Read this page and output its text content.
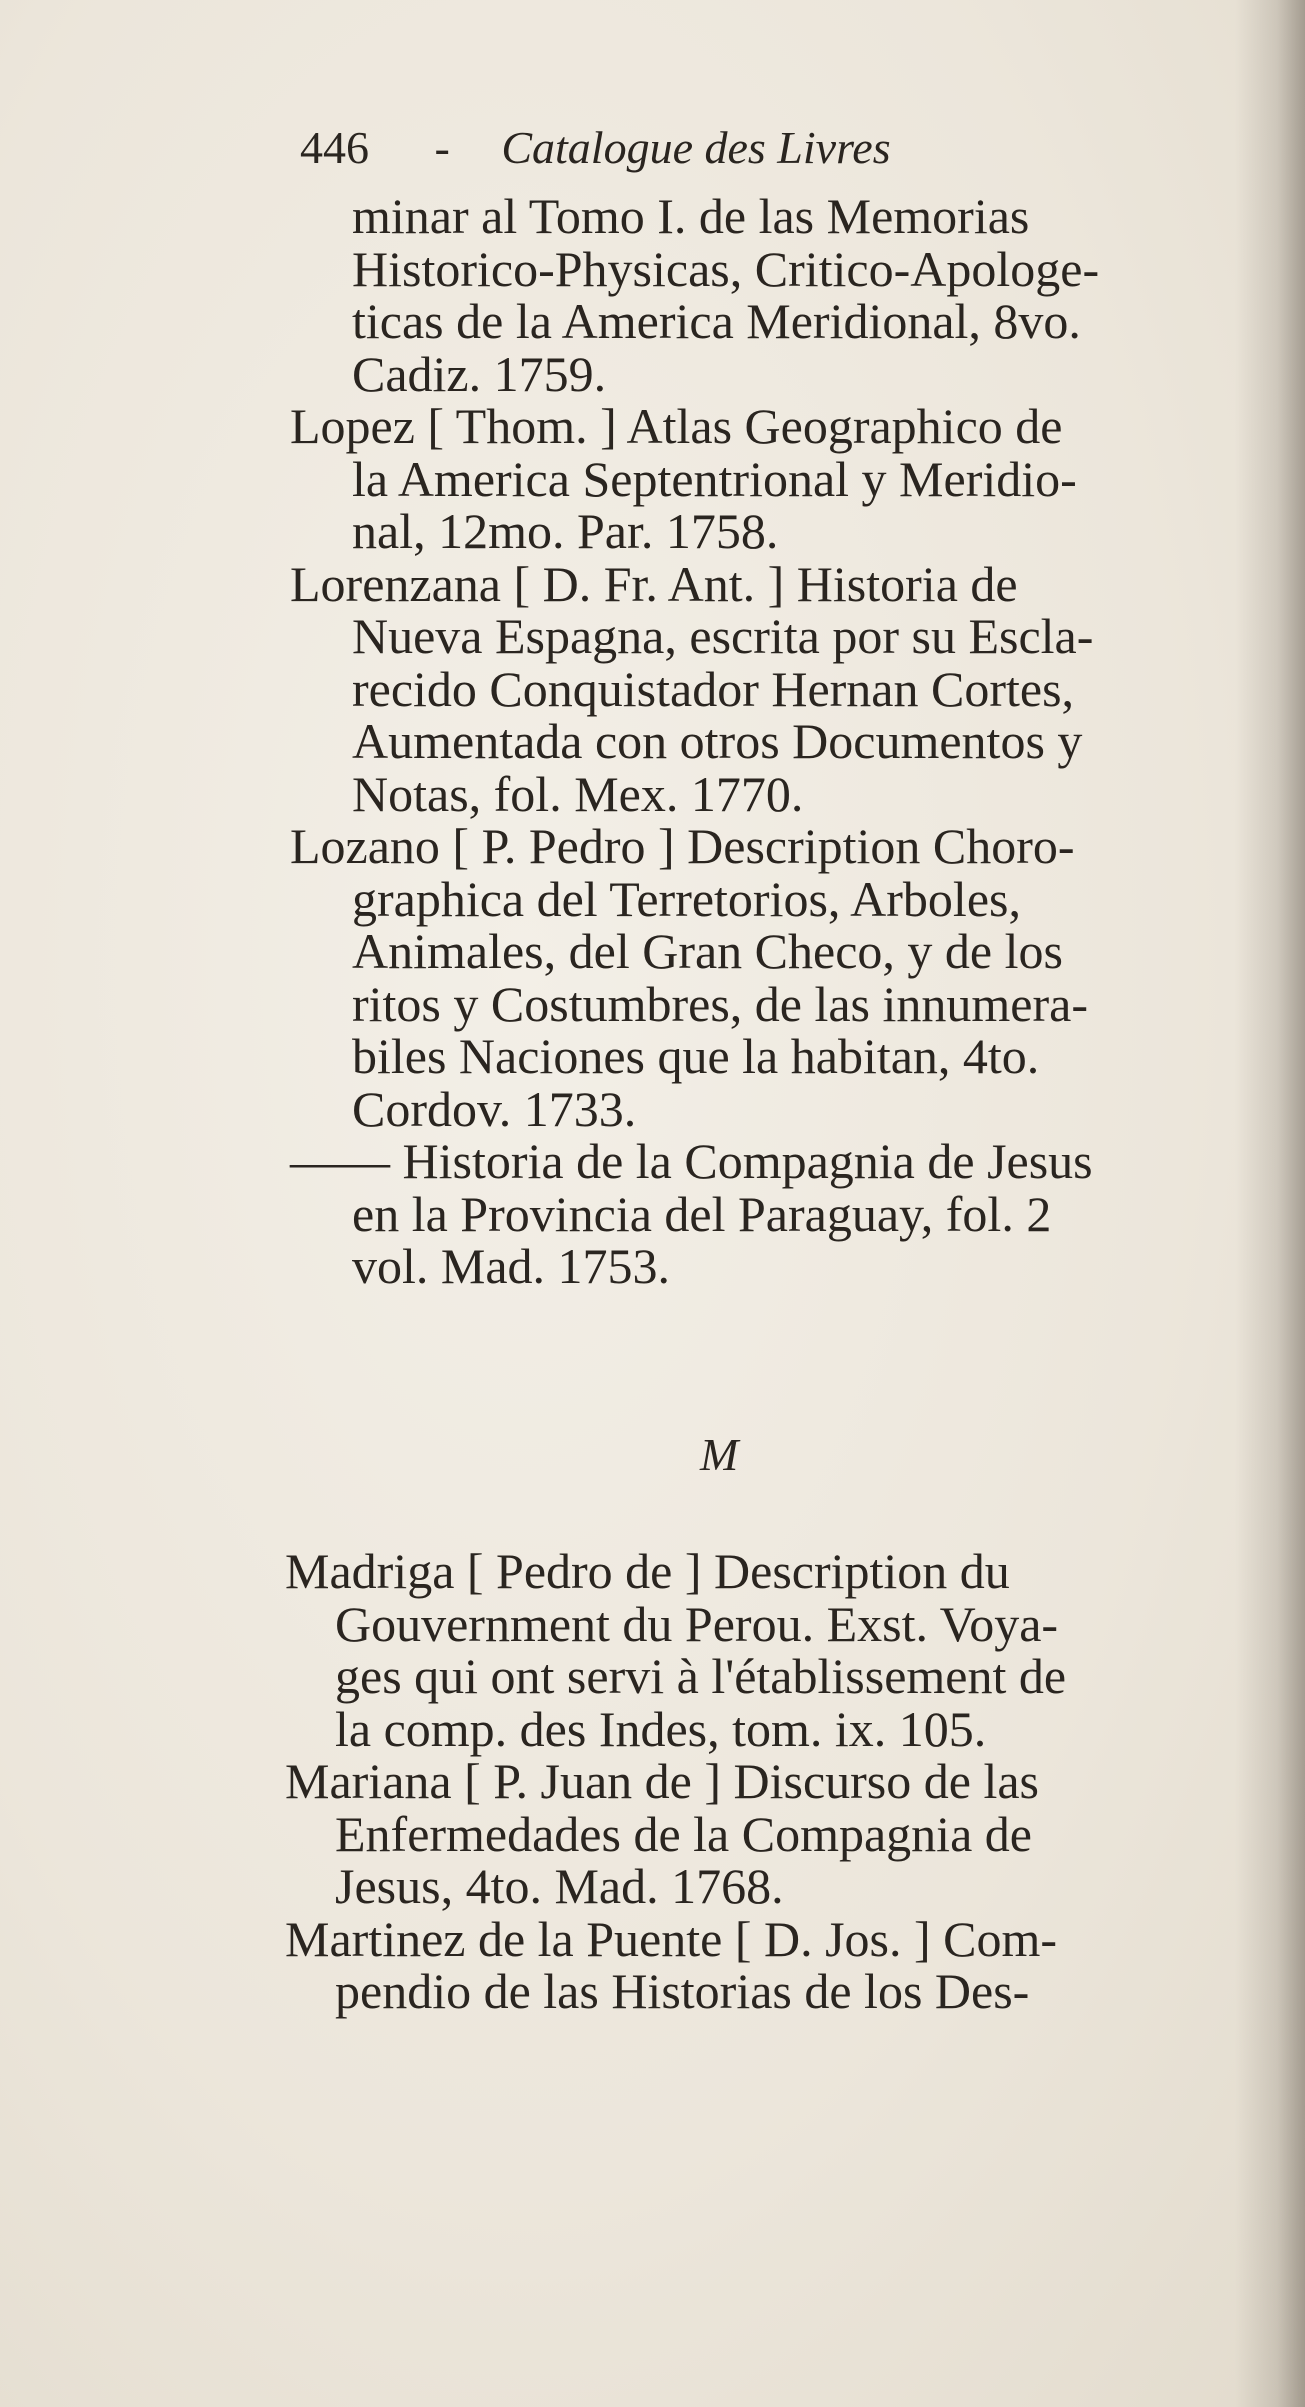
446 - Catalogue des Livres
minar al Tomo I. de las Memorias
Historico-Physicas, Critico-Apologe-
ticas de la America Meridional, 8vo.
Cadiz. 1759.
Lopez [ Thom. ] Atlas Geographico de
la America Septentrional y Meridio-
nal, 12mo. Par. 1758.
Lorenzana [ D. Fr. Ant. ] Historia de
Nueva Espagna, escrita por su Escla-
recido Conquistador Hernan Cortes,
Aumentada con otros Documentos y
Notas, fol. Mex. 1770.
Lozano [ P. Pedro ] Description Choro-
graphica del Terretorios, Arboles,
Animales, del Gran Checo, y de los
ritos y Costumbres, de las innumera-
biles Naciones que la habitan, 4to.
Cordov. 1733.
—— Historia de la Compagnia de Jesus
en la Provincia del Paraguay, fol. 2
vol. Mad. 1753.
M
Madriga [ Pedro de ] Description du
Gouvernment du Perou. Exst. Voya-
ges qui ont servi à l'établissement de
la comp. des Indes, tom. ix. 105.
Mariana [ P. Juan de ] Discurso de las
Enfermedades de la Compagnia de
Jesus, 4to. Mad. 1768.
Martinez de la Puente [ D. Jos. ] Com-
pendio de las Historias de los Des-
